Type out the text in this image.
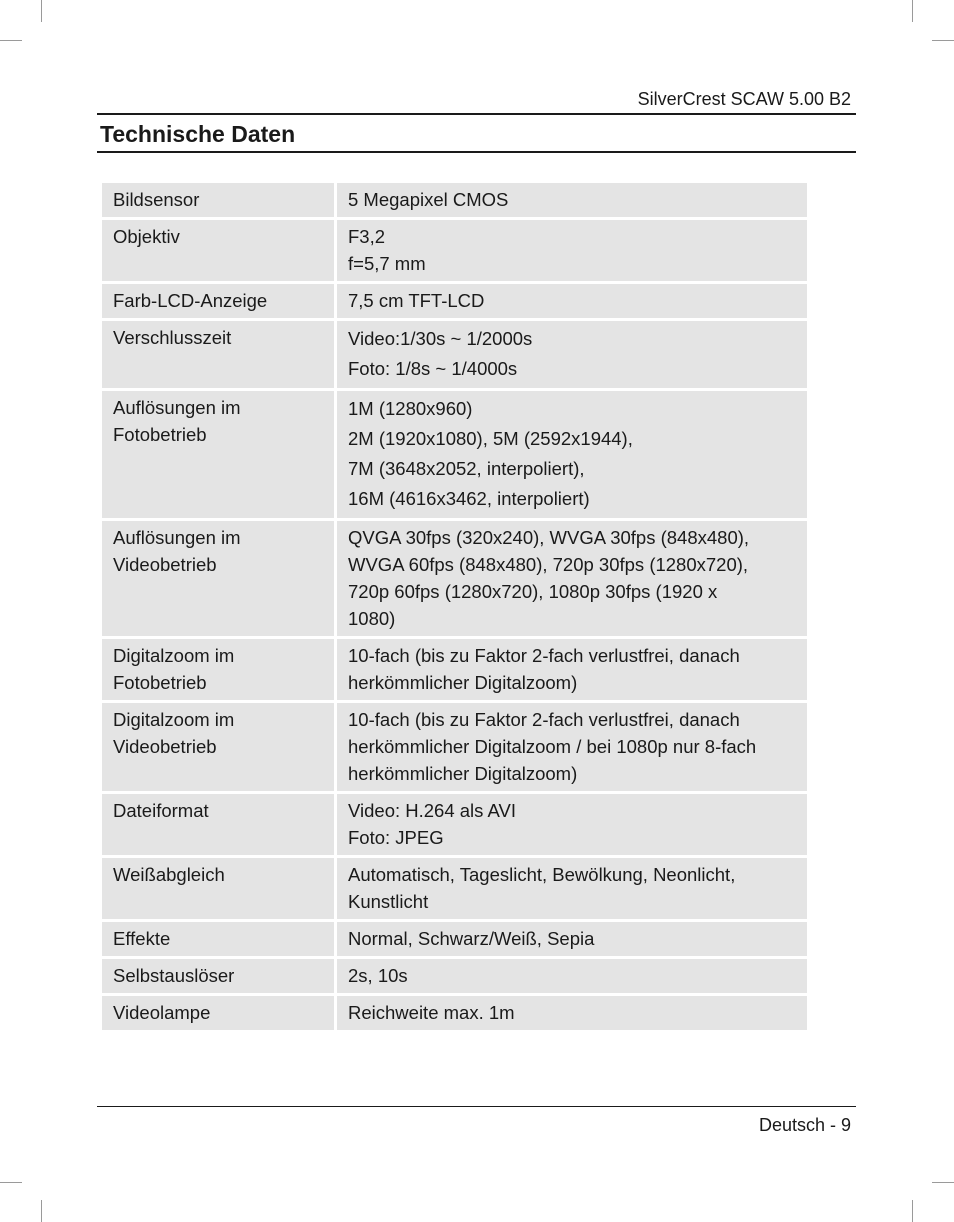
SilverCrest SCAW 5.00 B2
Technische Daten
Bildsensor	5 Megapixel CMOS

Objektiv	F3,2
f=5,7 mm

Farb-LCD-Anzeige	7,5 cm TFT-LCD

Verschlusszeit	Video:1/30s ~ 1/2000s
Foto: 1/8s ~ 1/4000s

Auflösungen im
Fotobetrieb	1M (1280x960)
2M (1920x1080), 5M (2592x1944),
7M (3648x2052, interpoliert),
16M (4616x3462, interpoliert)

Auflösungen im
Videobetrieb	QVGA 30fps (320x240), WVGA 30fps (848x480),
WVGA 60fps (848x480), 720p 30fps (1280x720),
720p 60fps (1280x720), 1080p 30fps (1920 x
1080)

Digitalzoom im
Fotobetrieb	10-fach (bis zu Faktor 2-fach verlustfrei, danach
herkömmlicher Digitalzoom)

Digitalzoom im
Videobetrieb	10-fach (bis zu Faktor 2-fach verlustfrei, danach
herkömmlicher Digitalzoom / bei 1080p nur 8-fach
herkömmlicher Digitalzoom)

Dateiformat	Video: H.264 als AVI
Foto: JPEG

Weißabgleich	Automatisch, Tageslicht, Bewölkung, Neonlicht,
Kunstlicht

Effekte	Normal, Schwarz/Weiß, Sepia

Selbstauslöser	2s, 10s

Videolampe	Reichweite max. 1m
Deutsch - 9
